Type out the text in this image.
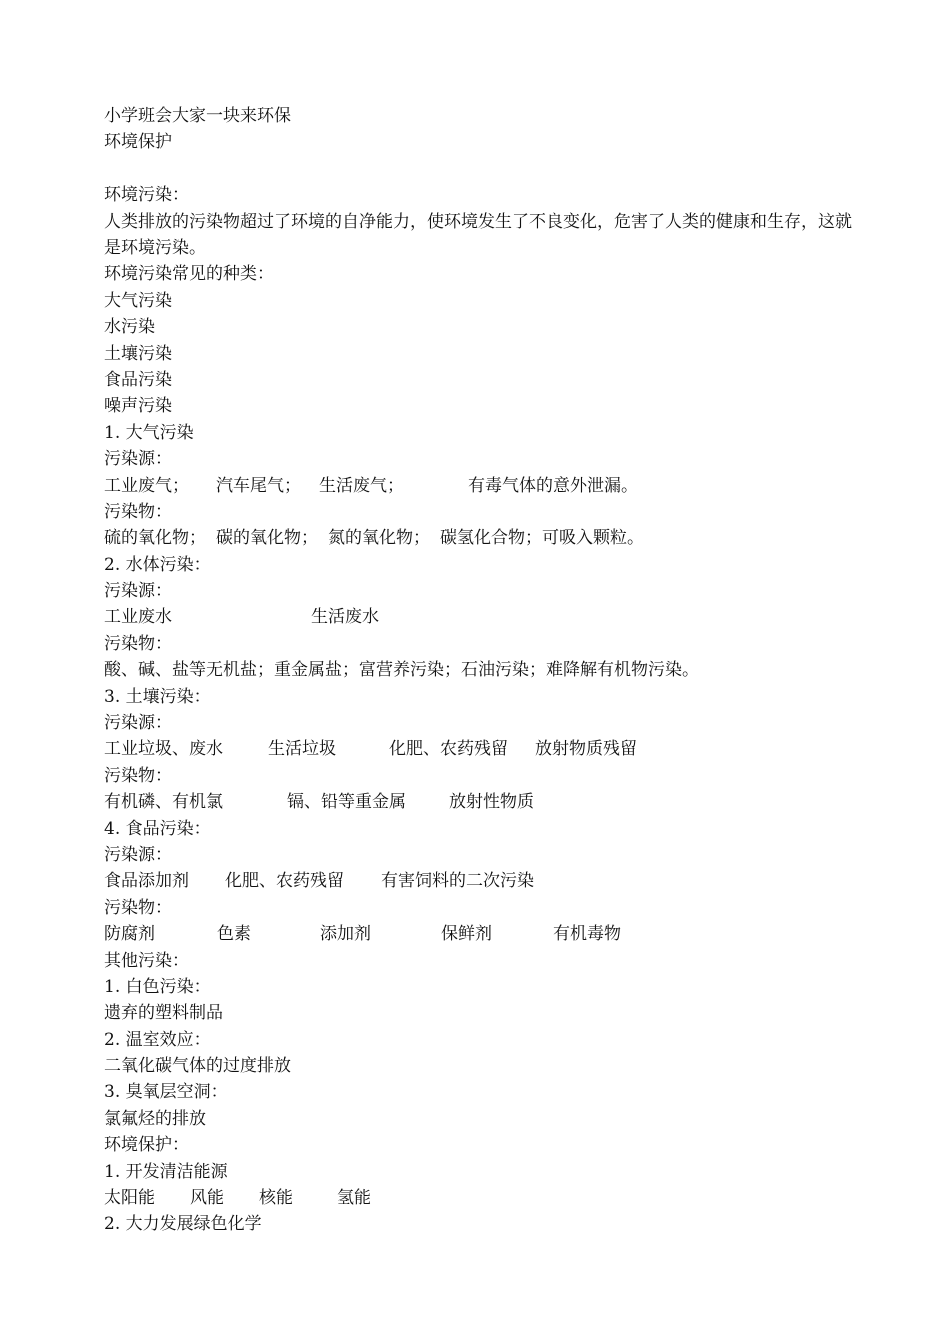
小学班会大家一块来环保
环境保护
环境污染：
人类排放的污染物超过了环境的自净能力，使环境发生了不良变化，危害了人类的健康和生存，这就是环境污染。
环境污染常见的种类：
大气污染
水污染
土壤污染
食品污染
噪声污染
1. 大气污染
污染源：
工业废气； 汽车尾气； 生活废气；	有毒气体的意外泄漏。
污染物：
硫的氧化物； 碳的氧化物； 氮的氧化物； 碳氢化合物；可吸入颗粒。
2. 水体污染：
污染源：
工业废水	生活废水
污染物：
酸、碱、盐等无机盐；重金属盐；富营养污染；石油污染；难降解有机物污染。
3. 土壤污染：
污染源：
工业垃圾、废水	生活垃圾	化肥、农药残留 放射物质残留
污染物：
有机磷、有机氯	镉、铅等重金属	放射性物质
4. 食品污染：
污染源：
食品添加剂 化肥、农药残留 有害饲料的二次污染
污染物：
防腐剂	色素	添加剂	保鲜剂	有机毒物
其他污染：
1. 白色污染：
遗弃的塑料制品
2. 温室效应：
二氧化碳气体的过度排放
3. 臭氧层空洞：
氯氟烃的排放
环境保护：
1. 开发清洁能源
太阳能 风能 核能	氢能
2. 大力发展绿色化学
